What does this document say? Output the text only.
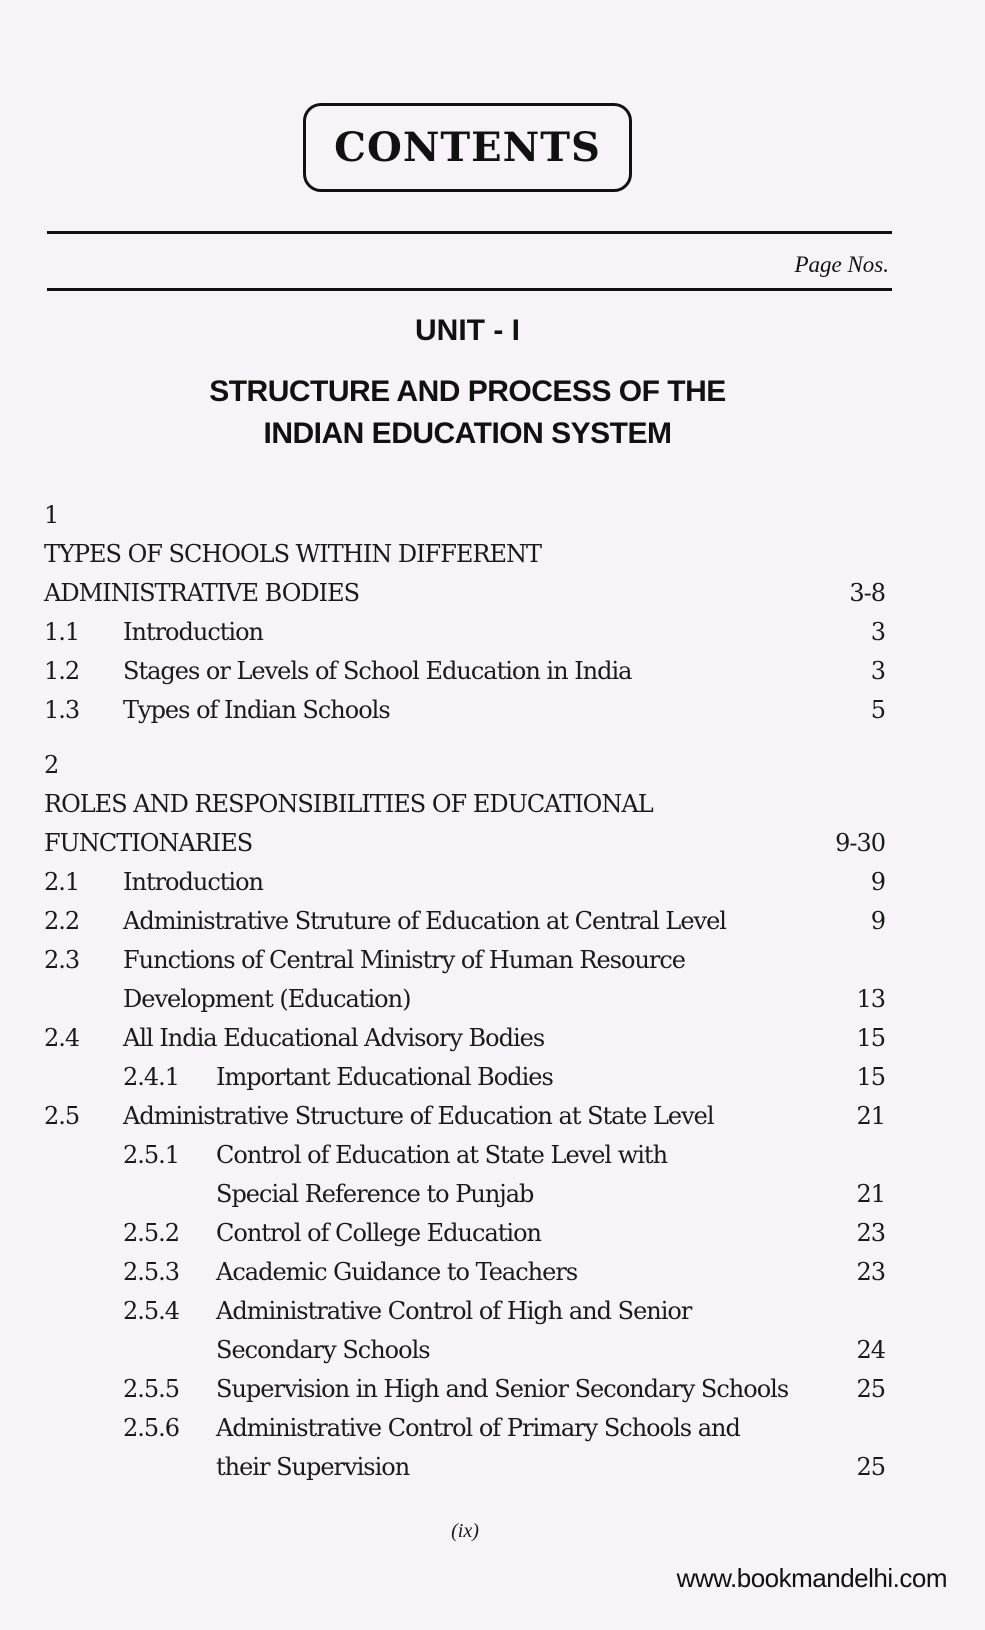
CONTENTS
Page Nos.
UNIT - I
STRUCTURE AND PROCESS OF THE
INDIAN EDUCATION SYSTEM
1
TYPES OF SCHOOLS WITHIN DIFFERENT
ADMINISTRATIVE BODIES	3-8
1.1 Introduction	3
1.2 Stages or Levels of School Education in India	3
1.3 Types of Indian Schools	5
2
ROLES AND RESPONSIBILITIES OF EDUCATIONAL
FUNCTIONARIES	9-30
2.1 Introduction	9
2.2 Administrative Struture of Education at Central Level	9
2.3 Functions of Central Ministry of Human Resource
Development (Education)	13
2.4 All India Educational Advisory Bodies	15
2.4.1 Important Educational Bodies	15
2.5 Administrative Structure of Education at State Level	21
2.5.1 Control of Education at State Level with
Special Reference to Punjab	21
2.5.2 Control of College Education	23
2.5.3 Academic Guidance to Teachers	23
2.5.4 Administrative Control of High and Senior
Secondary Schools	24
2.5.5 Supervision in High and Senior Secondary Schools	25
2.5.6 Administrative Control of Primary Schools and
their Supervision	25
(ix)
www.bookmandelhi.com
